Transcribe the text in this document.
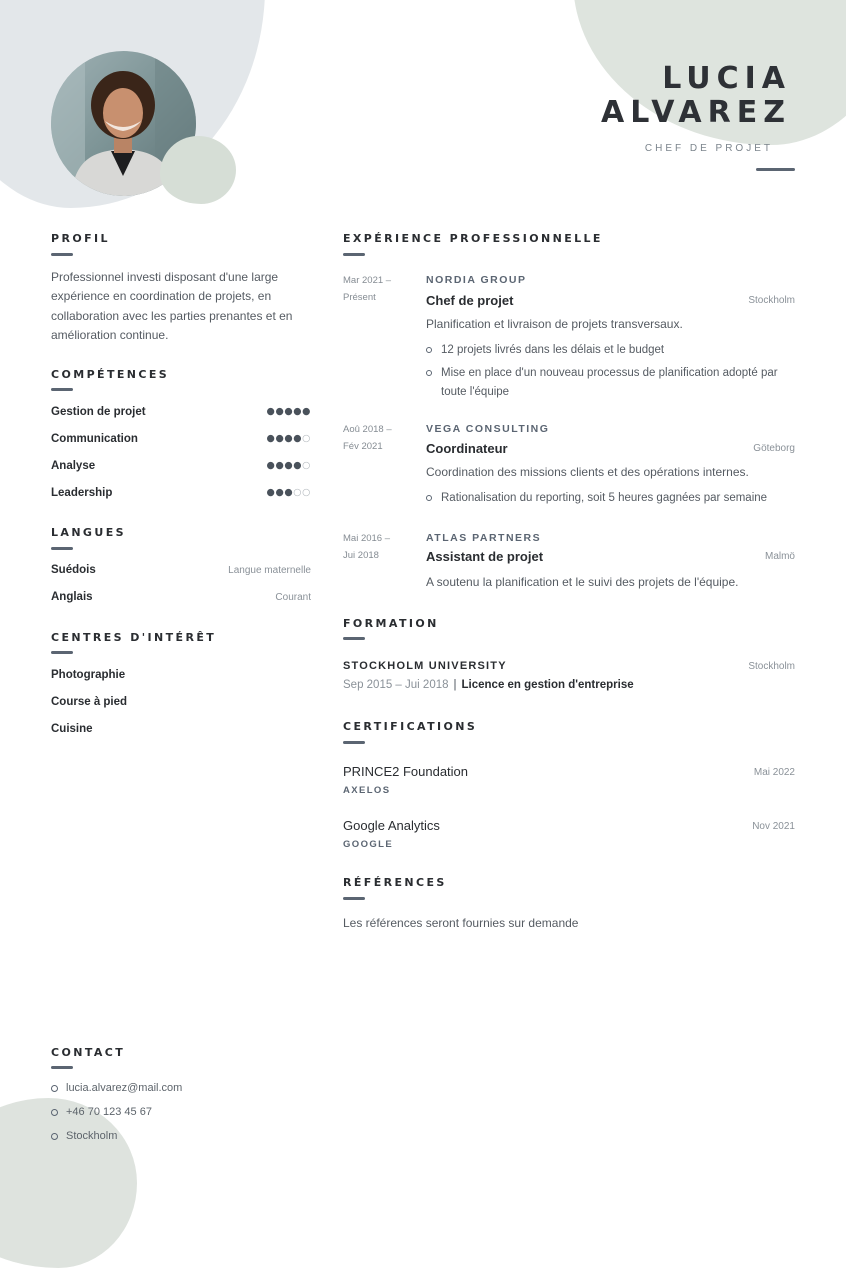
LUCIA
ALVAREZ
CHEF DE PROJET
PROFIL
Professionnel investi disposant d'une large expérience en coordination de projets, en collaboration avec les parties prenantes et en amélioration continue.
COMPÉTENCES
Gestion de projet	●●●●●
Communication	●●●●○
Analyse	●●●●○
Leadership	●●●○○
LANGUES
Suédois	Langue maternelle
Anglais	Courant
CENTRES D'INTÉRÊT
Photographie
Course à pied
Cuisine
CONTACT
lucia.alvarez@mail.com
+46 70 123 45 67
Stockholm
EXPÉRIENCE PROFESSIONNELLE
Mar 2021 –
Présent
NORDIA GROUP
Chef de projet	Stockholm
Planification et livraison de projets transversaux.
12 projets livrés dans les délais et le budget
Mise en place d'un nouveau processus de planification adopté par toute l'équipe
Aoû 2018 –
Fév 2021
VEGA CONSULTING
Coordinateur	Göteborg
Coordination des missions clients et des opérations internes.
Rationalisation du reporting, soit 5 heures gagnées par semaine
Mai 2016 –
Jui 2018
ATLAS PARTNERS
Assistant de projet	Malmö
A soutenu la planification et le suivi des projets de l'équipe.
FORMATION
STOCKHOLM UNIVERSITY	Stockholm
Sep 2015 – Jui 2018 | Licence en gestion d'entreprise
CERTIFICATIONS
PRINCE2 Foundation	Mai 2022
AXELOS
Google Analytics	Nov 2021
GOOGLE
RÉFÉRENCES
Les références seront fournies sur demande
